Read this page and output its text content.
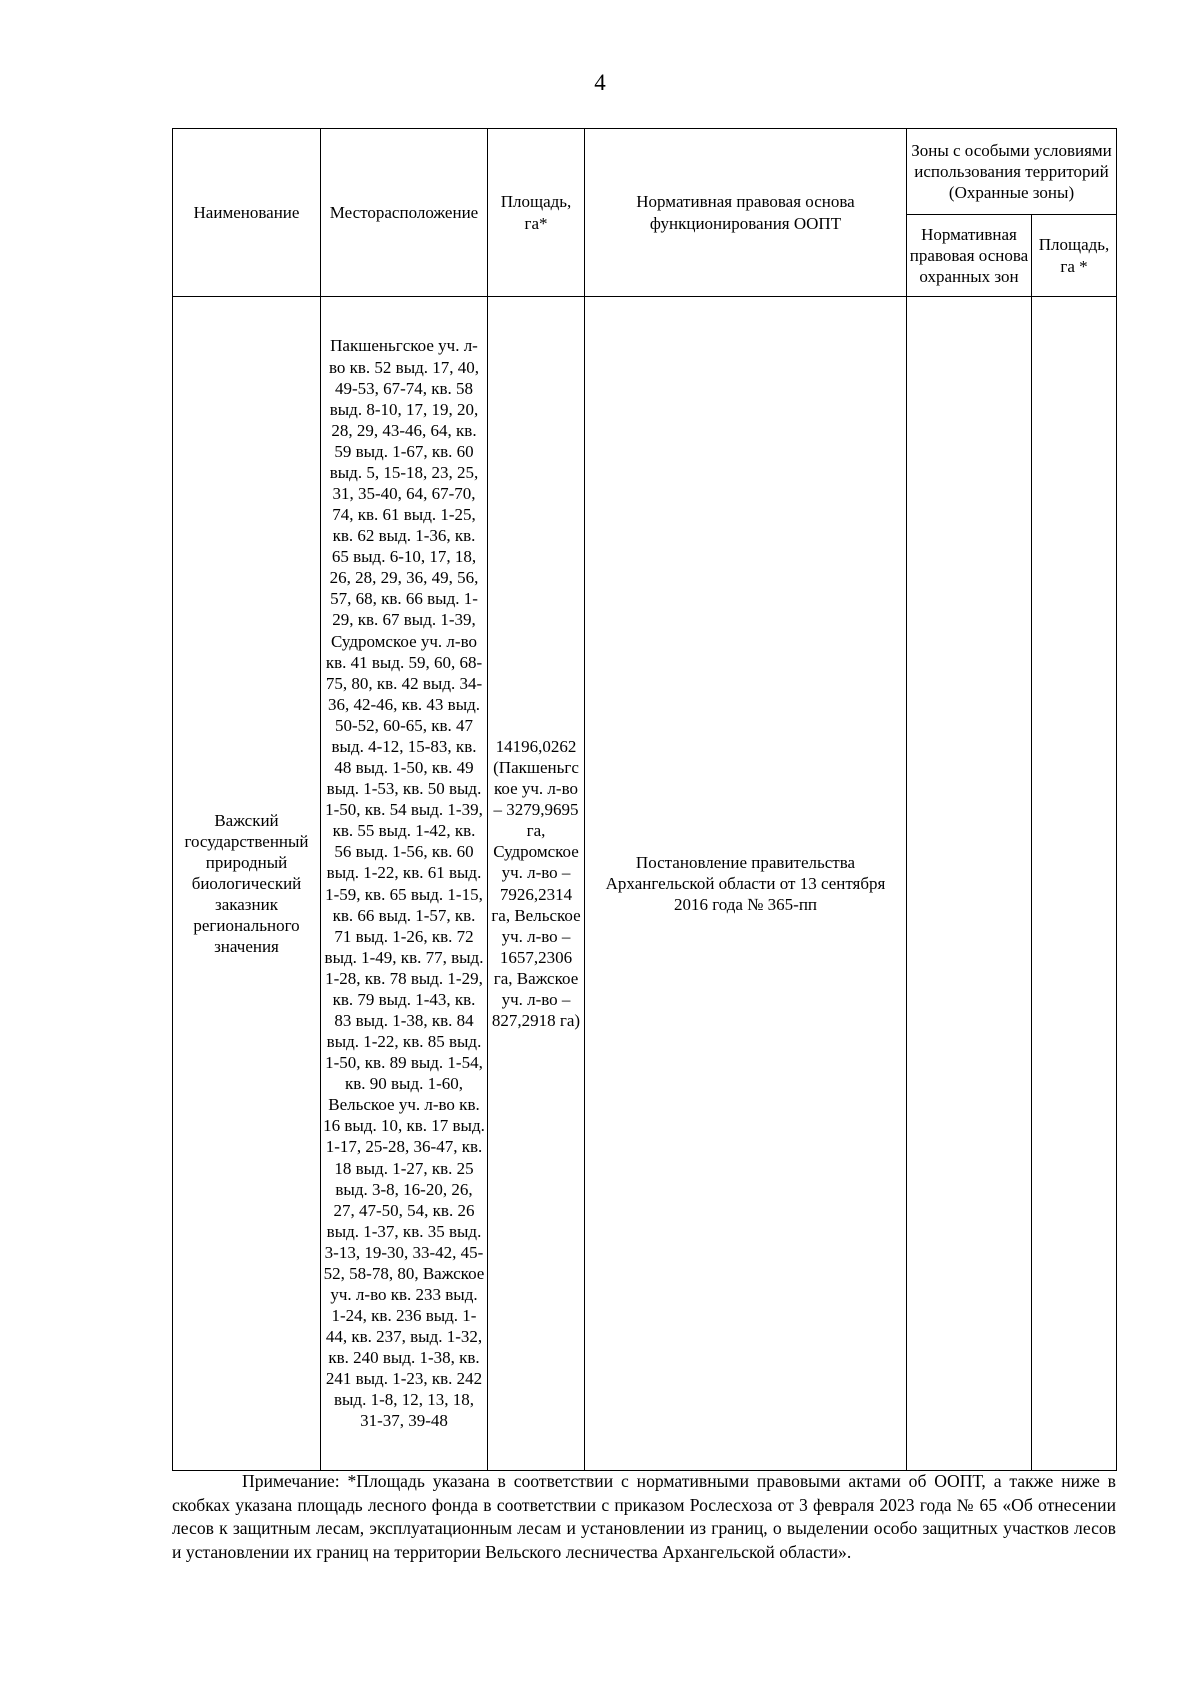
4
Наименование	Месторасположение	Площадь, га*	Нормативная правовая основа функционирования ООПТ	Зоны с особыми условиями использования территорий (Охранные зоны)	
				Нормативная правовая основа охранных зон	Площадь, га *
Важский государственный природный биологический заказник регионального значения	Пакшеньгское уч. л-во кв. 52 выд. 17, 40, 49-53, 67-74, кв. 58 выд. 8-10, 17, 19, 20, 28, 29, 43-46, 64, кв. 59 выд. 1-67, кв. 60 выд. 5, 15-18, 23, 25, 31, 35-40, 64, 67-70, 74, кв. 61 выд. 1-25, кв. 62 выд. 1-36, кв. 65 выд. 6-10, 17, 18, 26, 28, 29, 36, 49, 56, 57, 68, кв. 66 выд. 1-29, кв. 67 выд. 1-39, Судромское уч. л-во кв. 41 выд. 59, 60, 68-75, 80, кв. 42 выд. 34-36, 42-46, кв. 43 выд. 50-52, 60-65, кв. 47 выд. 4-12, 15-83, кв. 48 выд. 1-50, кв. 49 выд. 1-53, кв. 50 выд. 1-50, кв. 54 выд. 1-39, кв. 55 выд. 1-42, кв. 56 выд. 1-56, кв. 60 выд. 1-22, кв. 61 выд. 1-59, кв. 65 выд. 1-15, кв. 66 выд. 1-57, кв. 71 выд. 1-26, кв. 72 выд. 1-49, кв. 77, выд. 1-28, кв. 78 выд. 1-29, кв. 79 выд. 1-43, кв. 83 выд. 1-38, кв. 84 выд. 1-22, кв. 85 выд. 1-50, кв. 89 выд. 1-54, кв. 90 выд. 1-60, Вельское уч. л-во кв. 16 выд. 10, кв. 17 выд. 1-17, 25-28, 36-47, кв. 18 выд. 1-27, кв. 25 выд. 3-8, 16-20, 26, 27, 47-50, 54, кв. 26 выд. 1-37, кв. 35 выд. 3-13, 19-30, 33-42, 45-52, 58-78, 80, Важское уч. л-во кв. 233 выд. 1-24, кв. 236 выд. 1-44, кв. 237, выд. 1-32, кв. 240 выд. 1-38, кв. 241 выд. 1-23, кв. 242 выд. 1-8, 12, 13, 18, 31-37, 39-48	14196,0262 (Пакшеньгское уч. л-во – 3279,9695 га, Судромское уч. л-во – 7926,2314 га, Вельское уч. л-во – 1657,2306 га, Важское уч. л-во – 827,2918 га)	Постановление правительства Архангельской области от 13 сентября 2016 года № 365-пп		
Примечание: *Площадь указана в соответствии с нормативными правовыми актами об ООПТ, а также ниже в скобках указана площадь лесного фонда в соответствии с приказом Рослесхоза от 3 февраля 2023 года № 65 «Об отнесении лесов к защитным лесам, эксплуатационным лесам и установлении из границ, о выделении особо защитных участков лесов и установлении их границ на территории Вельского лесничества Архангельской области».
